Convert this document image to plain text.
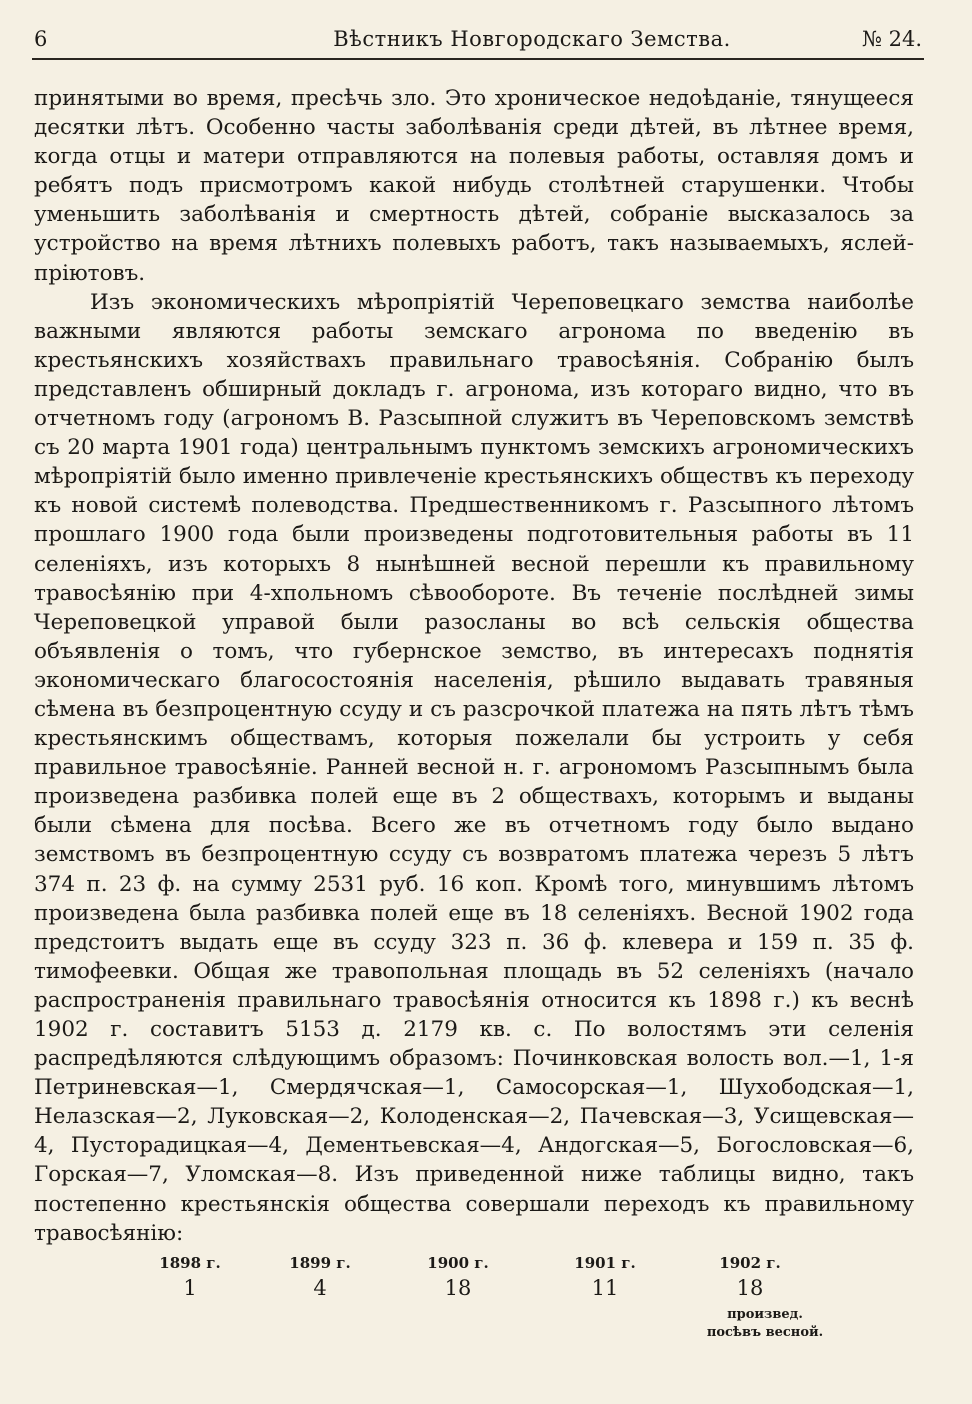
6	Вѣстникъ Новгородскаго Земства.	№ 24.

принятыми во время, пресѣчь зло. Это хроническое недоѣданіе, тянущееся десятки лѣтъ. Особенно часты заболѣванія среди дѣтей, въ лѣтнее время, когда отцы и матери отправляются на полевыя работы, оставляя домъ и ребятъ подъ присмотромъ какой нибудь столѣтней старушенки. Чтобы уменьшить заболѣванія и смертность дѣтей, собраніе высказалось за устройство на время лѣтнихъ полевыхъ работъ, такъ называемыхъ, яслей-пріютовъ.

Изъ экономическихъ мѣропріятій Череповецкаго земства наиболѣе важными являются работы земскаго агронома по введенію въ крестьянскихъ хозяйствахъ правильнаго травосѣянія. Собранію былъ представленъ обширный докладъ г. агронома, изъ котораго видно, что въ отчетномъ году (агрономъ В. Разсыпной служитъ въ Череповскомъ земствѣ съ 20 марта 1901 года) центральнымъ пунктомъ земскихъ агрономическихъ мѣропріятій было именно привлеченіе крестьянскихъ обществъ къ переходу къ новой системѣ полеводства. Предшественникомъ г. Разсыпного лѣтомъ прошлаго 1900 года были произведены подготовительныя работы въ 11 селеніяхъ, изъ которыхъ 8 нынѣшней весной перешли къ правильному травосѣянію при 4-хпольномъ сѣвообороте. Въ теченіе послѣдней зимы Череповецкой управой были разосланы во всѣ сельскія общества объявленія о томъ, что губернское земство, въ интересахъ поднятія экономическаго благосостоянія населенія, рѣшило выдавать травяныя сѣмена въ безпроцентную ссуду и съ разсрочкой платежа на пять лѣтъ тѣмъ крестьянскимъ обществамъ, которыя пожелали бы устроить у себя правильное травосѣяніе. Ранней весной н. г. агрономомъ Разсыпнымъ была произведена разбивка полей еще въ 2 обществахъ, которымъ и выданы были сѣмена для посѣва. Всего же въ отчетномъ году было выдано земствомъ въ безпроцентную ссуду съ возвратомъ платежа черезъ 5 лѣтъ 374 п. 23 ф. на сумму 2531 руб. 16 коп. Кромѣ того, минувшимъ лѣтомъ произведена была разбивка полей еще въ 18 селеніяхъ. Весной 1902 года предстоитъ выдать еще въ ссуду 323 п. 36 ф. клевера и 159 п. 35 ф. тимофеевки. Общая же травопольная площадь въ 52 селеніяхъ (начало распространенія правильнаго травосѣянія относится къ 1898 г.) къ веснѣ 1902 г. составитъ 5153 д. 2179 кв. с. По волостямъ эти селенія распредѣляются слѣдующимъ образомъ: Починковская волость вол.—1, 1-я Петриневская—1, Смердячская—1, Самосорская—1, Шухободская—1, Нелазская—2, Луковская—2, Колоденская—2, Пачевская—3, Усищевская—4, Пусторадицкая—4, Дементьевская—4, Андогская—5, Богословская—6, Горская—7, Уломская—8. Изъ приведенной ниже таблицы видно, такъ постепенно крестьянскія общества совершали переходъ къ правильному травосѣянію:

1898 г.	1899 г.	1900 г.	1901 г.	1902 г.
1	4	18	11	18
произвед.
посѣвъ весной.
